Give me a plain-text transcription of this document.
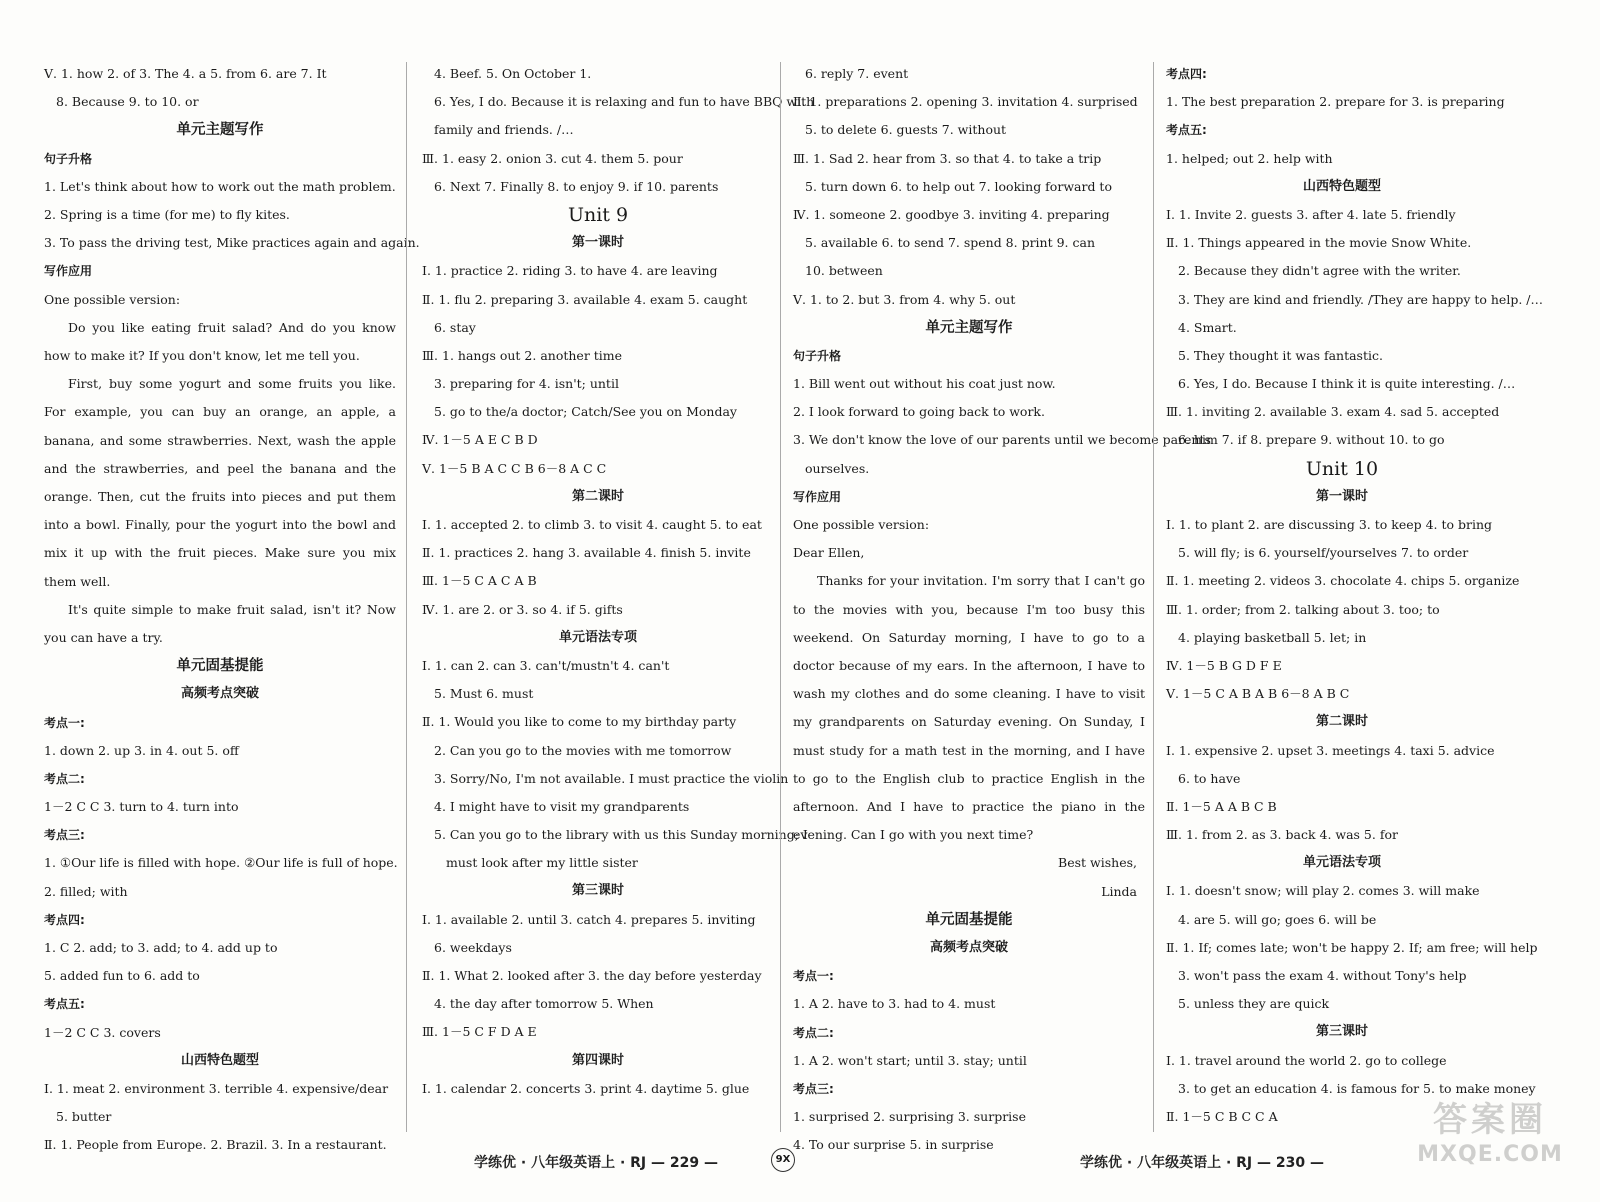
Ⅴ. 1. how 2. of 3. The 4. a 5. from 6. are 7. It
8. Because 9. to 10. or
单元主题写作
句子升格
1. Let's think about how to work out the math problem.
2. Spring is a time (for me) to fly kites.
3. To pass the driving test, Mike practices again and again.
写作应用
One possible version:
Do you like eating fruit salad? And do you know how to make it? If you don't know, let me tell you.
First, buy some yogurt and some fruits you like. For example, you can buy an orange, an apple, a banana, and some strawberries. Next, wash the apple and the strawberries, and peel the banana and the orange. Then, cut the fruits into pieces and put them into a bowl. Finally, pour the yogurt into the bowl and mix it up with the fruit pieces. Make sure you mix them well.
It's quite simple to make fruit salad, isn't it? Now you can have a try.
单元固基提能
高频考点突破
考点一:
1. down 2. up 3. in 4. out 5. off
考点二:
1－2 C C 3. turn to 4. turn into
考点三:
1. ①Our life is filled with hope. ②Our life is full of hope.
2. filled; with
考点四:
1. C 2. add; to 3. add; to 4. add up to
5. added fun to 6. add to
考点五:
1－2 C C 3. covers
山西特色题型
Ⅰ. 1. meat 2. environment 3. terrible 4. expensive/dear
5. butter
Ⅱ. 1. People from Europe. 2. Brazil. 3. In a restaurant.
4. Beef. 5. On October 1.
6. Yes, I do. Because it is relaxing and fun to have BBQ with
family and friends. /…
Ⅲ. 1. easy 2. onion 3. cut 4. them 5. pour
6. Next 7. Finally 8. to enjoy 9. if 10. parents
Unit 9
第一课时
Ⅰ. 1. practice 2. riding 3. to have 4. are leaving
Ⅱ. 1. flu 2. preparing 3. available 4. exam 5. caught
6. stay
Ⅲ. 1. hangs out 2. another time
3. preparing for 4. isn't; until
5. go to the/a doctor; Catch/See you on Monday
Ⅳ. 1－5 A E C B D
Ⅴ. 1－5 B A C C B 6－8 A C C
第二课时
Ⅰ. 1. accepted 2. to climb 3. to visit 4. caught 5. to eat
Ⅱ. 1. practices 2. hang 3. available 4. finish 5. invite
Ⅲ. 1－5 C A C A B
Ⅳ. 1. are 2. or 3. so 4. if 5. gifts
单元语法专项
Ⅰ. 1. can 2. can 3. can't/mustn't 4. can't
5. Must 6. must
Ⅱ. 1. Would you like to come to my birthday party
2. Can you go to the movies with me tomorrow
3. Sorry/No, I'm not available. I must practice the violin
4. I might have to visit my grandparents
5. Can you go to the library with us this Sunday morning; I
must look after my little sister
第三课时
Ⅰ. 1. available 2. until 3. catch 4. prepares 5. inviting
6. weekdays
Ⅱ. 1. What 2. looked after 3. the day before yesterday
4. the day after tomorrow 5. When
Ⅲ. 1－5 C F D A E
第四课时
Ⅰ. 1. calendar 2. concerts 3. print 4. daytime 5. glue
6. reply 7. event
Ⅱ. 1. preparations 2. opening 3. invitation 4. surprised
5. to delete 6. guests 7. without
Ⅲ. 1. Sad 2. hear from 3. so that 4. to take a trip
5. turn down 6. to help out 7. looking forward to
Ⅳ. 1. someone 2. goodbye 3. inviting 4. preparing
5. available 6. to send 7. spend 8. print 9. can
10. between
Ⅴ. 1. to 2. but 3. from 4. why 5. out
单元主题写作
句子升格
1. Bill went out without his coat just now.
2. I look forward to going back to work.
3. We don't know the love of our parents until we become parents
ourselves.
写作应用
One possible version:
Dear Ellen,
Thanks for your invitation. I'm sorry that I can't go to the movies with you, because I'm too busy this weekend. On Saturday morning, I have to go to a doctor because of my ears. In the afternoon, I have to wash my clothes and do some cleaning. I have to visit my grandparents on Saturday evening. On Sunday, I must study for a math test in the morning, and I have to go to the English club to practice English in the afternoon. And I have to practice the piano in the evening. Can I go with you next time?
Best wishes,
Linda
单元固基提能
高频考点突破
考点一:
1. A 2. have to 3. had to 4. must
考点二:
1. A 2. won't start; until 3. stay; until
考点三:
1. surprised 2. surprising 3. surprise
4. To our surprise 5. in surprise
考点四:
1. The best preparation 2. prepare for 3. is preparing
考点五:
1. helped; out 2. help with
山西特色题型
Ⅰ. 1. Invite 2. guests 3. after 4. late 5. friendly
Ⅱ. 1. Things appeared in the movie Snow White.
2. Because they didn't agree with the writer.
3. They are kind and friendly. /They are happy to help. /…
4. Smart.
5. They thought it was fantastic.
6. Yes, I do. Because I think it is quite interesting. /…
Ⅲ. 1. inviting 2. available 3. exam 4. sad 5. accepted
6. him 7. if 8. prepare 9. without 10. to go
Unit 10
第一课时
Ⅰ. 1. to plant 2. are discussing 3. to keep 4. to bring
5. will fly; is 6. yourself/yourselves 7. to order
Ⅱ. 1. meeting 2. videos 3. chocolate 4. chips 5. organize
Ⅲ. 1. order; from 2. talking about 3. too; to
4. playing basketball 5. let; in
Ⅳ. 1－5 B G D F E
Ⅴ. 1－5 C A B A B 6－8 A B C
第二课时
Ⅰ. 1. expensive 2. upset 3. meetings 4. taxi 5. advice
6. to have
Ⅱ. 1－5 A A B C B
Ⅲ. 1. from 2. as 3. back 4. was 5. for
单元语法专项
Ⅰ. 1. doesn't snow; will play 2. comes 3. will make
4. are 5. will go; goes 6. will be
Ⅱ. 1. If; comes late; won't be happy 2. If; am free; will help
3. won't pass the exam 4. without Tony's help
5. unless they are quick
第三课时
Ⅰ. 1. travel around the world 2. go to college
3. to get an education 4. is famous for 5. to make money
Ⅱ. 1－5 C B C C A
学练优 · 八年级英语上 · RJ — 229 —	9X	学练优 · 八年级英语上 · RJ — 230 —
答案圈
MXQE.COM
